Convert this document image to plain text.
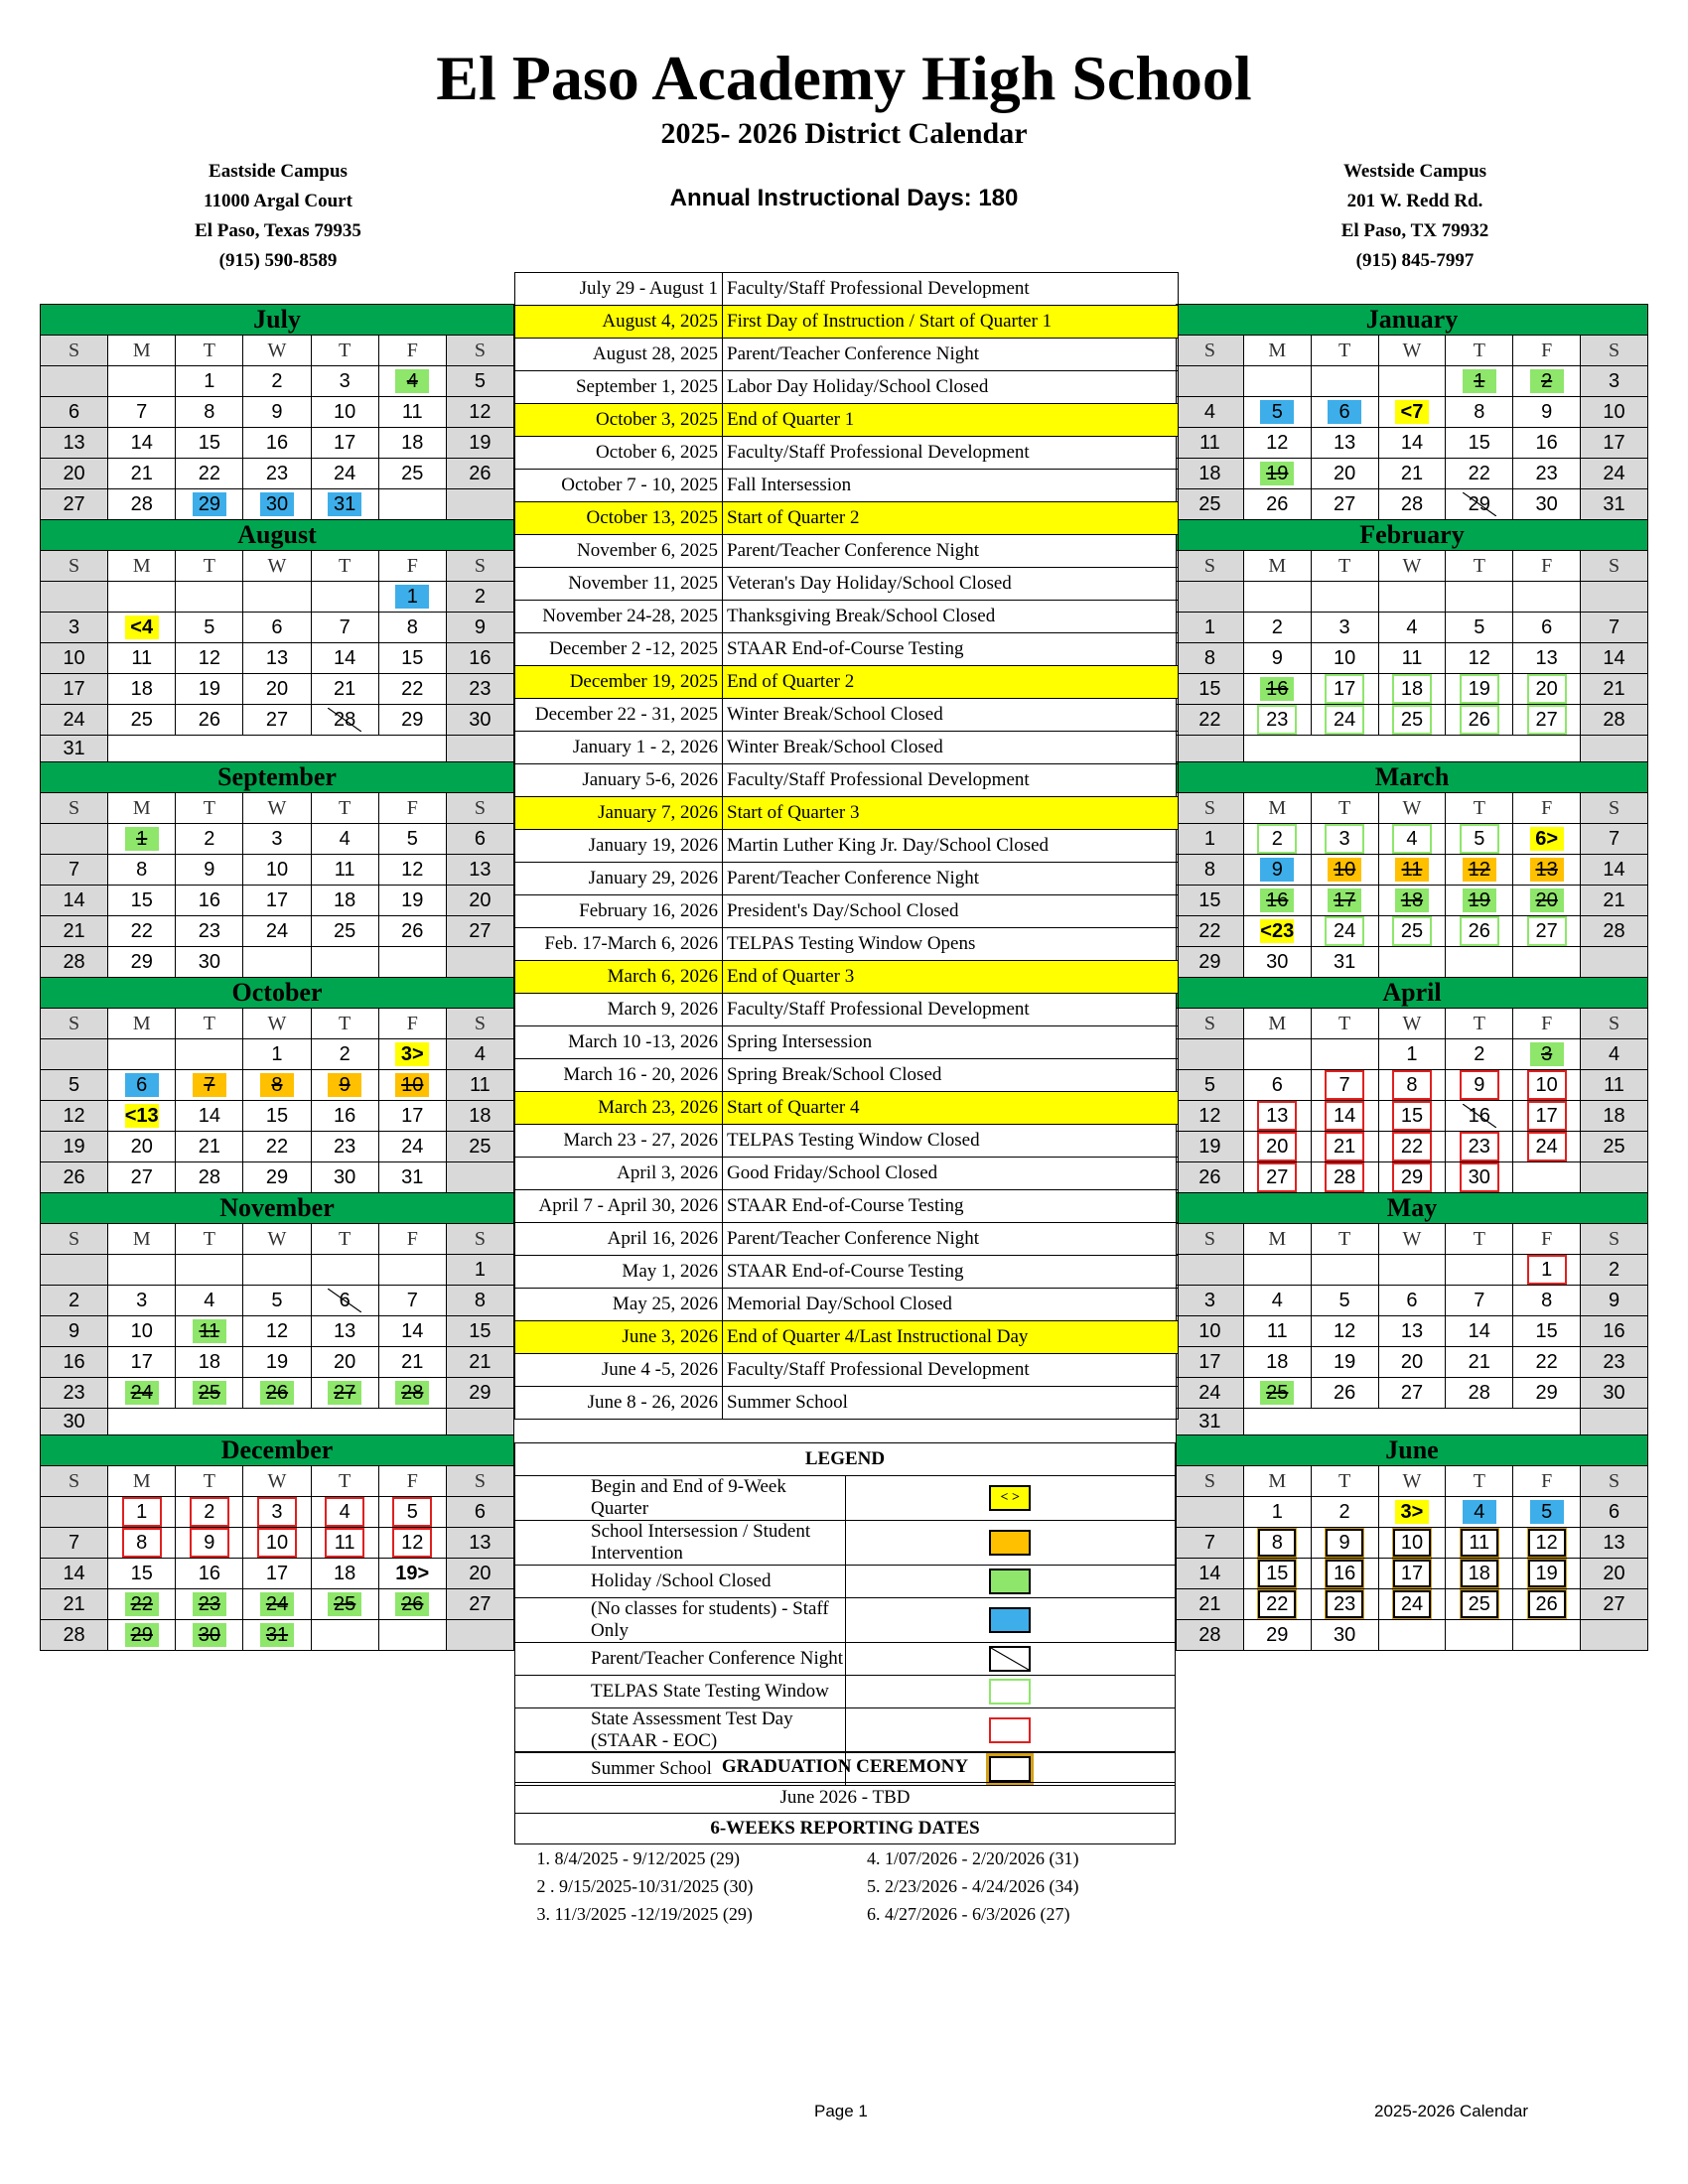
El Paso Academy High School
2025- 2026 District Calendar
Eastside Campus
11000 Argal Court
El Paso, Texas 79935
(915) 590-8589
Annual Instructional Days: 180
Westside Campus
201 W. Redd Rd.
El Paso, TX 79932
(915) 845-7997
July						
S	M	T	W	T	F	S
		1	2	3	4	5
6	7	8	9	10	11	12
13	14	15	16	17	18	19
20	21	22	23	24	25	26
27	28	29	30	31		
August						
S	M	T	W	T	F	S
					1	2
3	<4	5	6	7	8	9
10	11	12	13	14	15	16
17	18	19	20	21	22	23
24	25	26	27	28	29	30
31						
September						
S	M	T	W	T	F	S
	1	2	3	4	5	6
7	8	9	10	11	12	13
14	15	16	17	18	19	20
21	22	23	24	25	26	27
28	29	30				
October						
S	M	T	W	T	F	S
			1	2	3>	4
5	6	7	8	9	10	11
12	<13	14	15	16	17	18
19	20	21	22	23	24	25
26	27	28	29	30	31	
November						
S	M	T	W	T	F	S
						1
2	3	4	5	6	7	8
9	10	11	12	13	14	15
16	17	18	19	20	21	21
23	24	25	26	27	28	29
30						
December						
S	M	T	W	T	F	S
	1	2	3	4	5	6
7	8	9	10	11	12	13
14	15	16	17	18	19>	20
21	22	23	24	25	26	27
28	29	30	31			
January						
S	M	T	W	T	F	S
				1	2	3
4	5	6	<7	8	9	10
11	12	13	14	15	16	17
18	19	20	21	22	23	24
25	26	27	28	29	30	31
February						
S	M	T	W	T	F	S

1	2	3	4	5	6	7
8	9	10	11	12	13	14
15	16	17	18	19	20	21
22	23	24	25	26	27	28

March						
S	M	T	W	T	F	S
1	2	3	4	5	6>	7
8	9	10	11	12	13	14
15	16	17	18	19	20	21
22	<23	24	25	26	27	28
29	30	31				
April						
S	M	T	W	T	F	S
			1	2	3	4
5	6	7	8	9	10	11
12	13	14	15	16	17	18
19	20	21	22	23	24	25
26	27	28	29	30		
May						
S	M	T	W	T	F	S
					1	2
3	4	5	6	7	8	9
10	11	12	13	14	15	16
17	18	19	20	21	22	23
24	25	26	27	28	29	30
31						
June						
S	M	T	W	T	F	S
	1	2	3>	4	5	6
7	8	9	10	11	12	13
14	15	16	17	18	19	20
21	22	23	24	25	26	27
28	29	30				
July 29 - August 1	Faculty/Staff Professional Development
August 4, 2025	First Day of Instruction / Start of Quarter 1
August 28, 2025	Parent/Teacher Conference Night
September 1, 2025	Labor Day Holiday/School Closed
October 3, 2025	End of Quarter 1
October 6, 2025	Faculty/Staff Professional Development
October 7 - 10, 2025	Fall Intersession
October 13, 2025	Start of Quarter 2
November 6, 2025	Parent/Teacher Conference Night
November 11, 2025	Veteran's Day Holiday/School Closed
November 24-28, 2025	Thanksgiving Break/School Closed
December 2 -12, 2025	STAAR End-of-Course Testing
December 19, 2025	End of Quarter 2
December 22 - 31, 2025	Winter Break/School Closed
January 1 - 2, 2026	Winter Break/School Closed
January 5-6, 2026	Faculty/Staff Professional Development
January 7, 2026	Start of Quarter 3
January 19, 2026	Martin Luther King Jr. Day/School Closed
January 29, 2026	Parent/Teacher Conference Night
February 16, 2026	President's Day/School Closed
Feb. 17-March 6, 2026	TELPAS Testing Window Opens
March 6, 2026	End of Quarter 3
March 9, 2026	Faculty/Staff Professional Development
March 10 -13, 2026	Spring Intersession
March 16 - 20, 2026	Spring Break/School Closed
March 23, 2026	Start of Quarter 4
March 23 - 27, 2026	TELPAS Testing Window Closed
April 3, 2026	Good Friday/School Closed
April 7 - April 30, 2026	STAAR End-of-Course Testing
April 16, 2026	Parent/Teacher Conference Night
May 1, 2026	STAAR End-of-Course Testing
May 25, 2026	Memorial Day/School Closed
June 3, 2026	End of Quarter 4/Last Instructional Day
June 4 -5, 2026	Faculty/Staff Professional Development
June 8 - 26, 2026	Summer School
LEGEND	
Begin and End of 9-Week Quarter	< >
School Intersession / Student Intervention	
Holiday /School Closed	
(No classes for students) - Staff Only	
Parent/Teacher Conference Night	
TELPAS State Testing Window	
State Assessment Test Day (STAAR - EOC)	
Summer School	GRADUATION CEREMONY	
June 2026 - TBD	
6-WEEKS REPORTING DATES	
1. 8/4/2025 - 9/12/2025 (29)	4. 1/07/2026 - 2/20/2026 (31)
2 . 9/15/2025-10/31/2025 (30)	5. 2/23/2026 - 4/24/2026 (34)
3. 11/3/2025 -12/19/2025 (29)	6. 4/27/2026 - 6/3/2026 (27)
Page 1	2025-2026 Calendar
